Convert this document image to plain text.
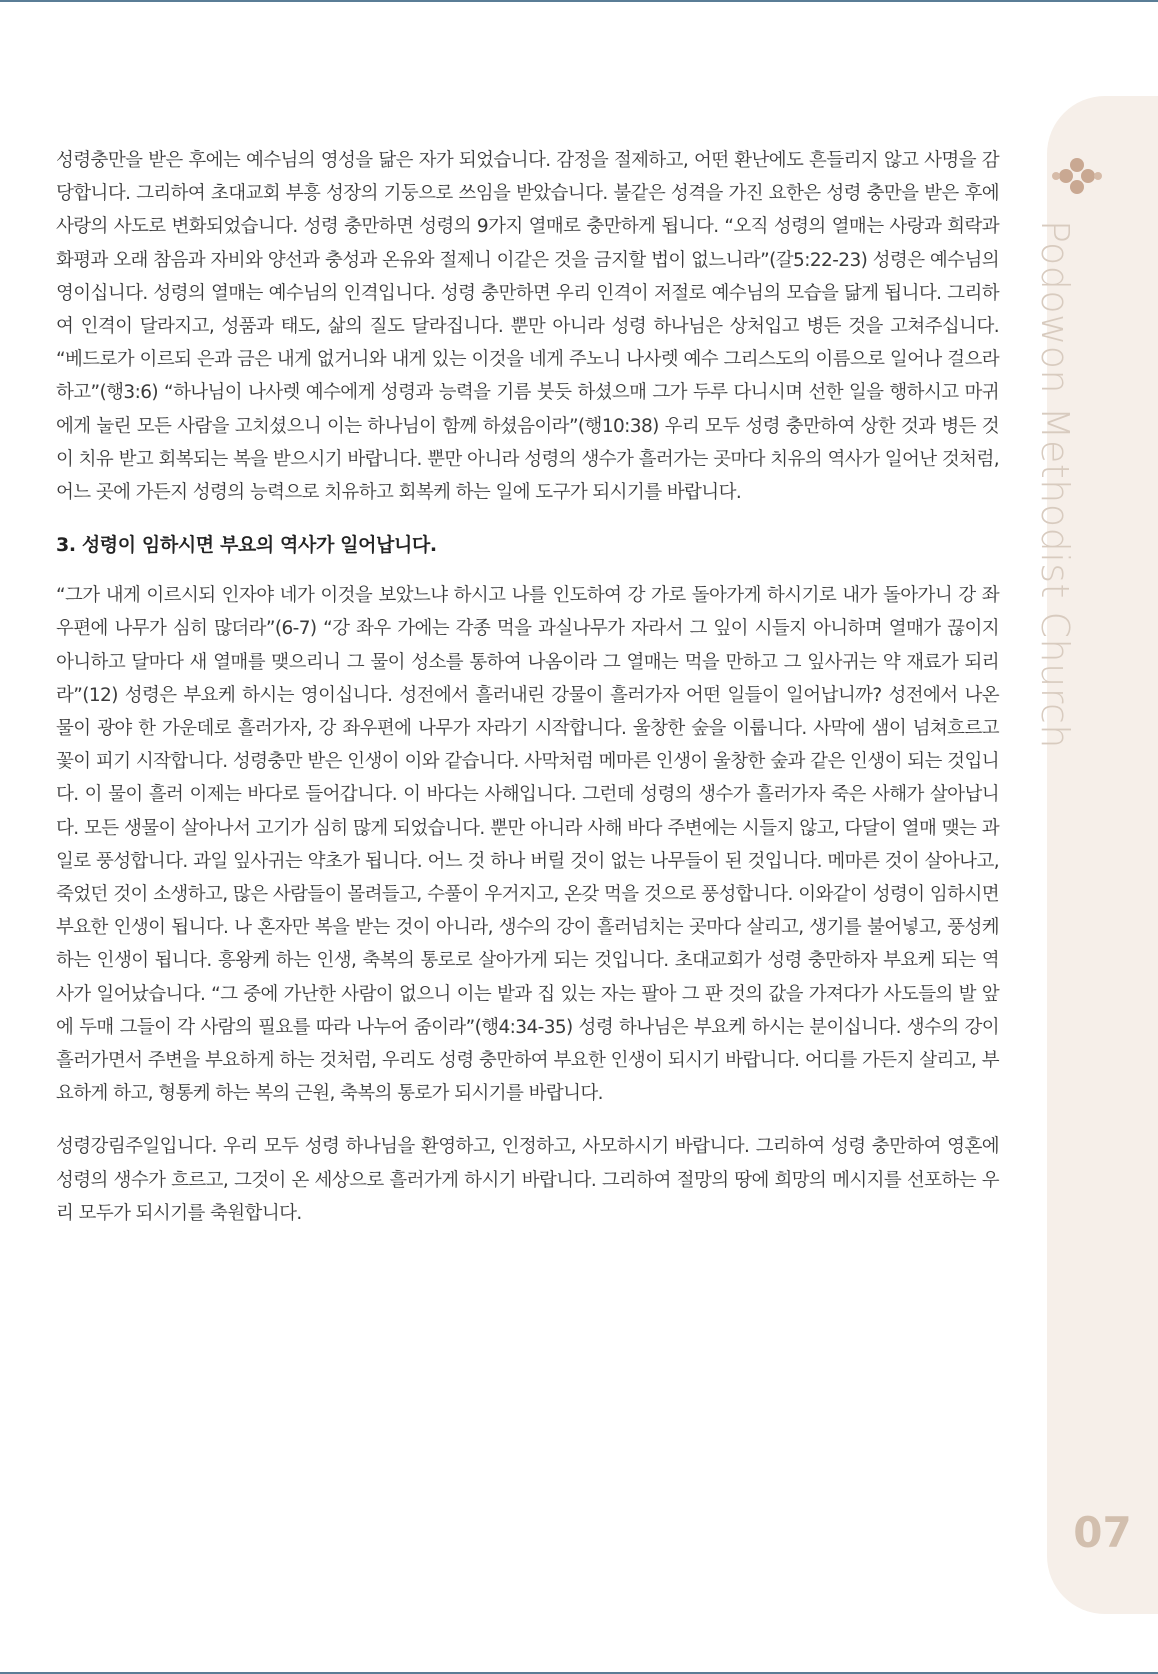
Podowon Methodist Church
07

성령충만을 받은 후에는 예수님의 영성을 닮은 자가 되었습니다. 감정을 절제하고, 어떤 환난에도 흔들리지 않고 사명을 감당합니다. 그리하여 초대교회 부흥 성장의 기둥으로 쓰임을 받았습니다. 불같은 성격을 가진 요한은 성령 충만을 받은 후에 사랑의 사도로 변화되었습니다. 성령 충만하면 성령의 9가지 열매로 충만하게 됩니다. “오직 성령의 열매는 사랑과 희락과 화평과 오래 참음과 자비와 양선과 충성과 온유와 절제니 이같은 것을 금지할 법이 없느니라”(갈5:22-23) 성령은 예수님의 영이십니다. 성령의 열매는 예수님의 인격입니다. 성령 충만하면 우리 인격이 저절로 예수님의 모습을 닮게 됩니다. 그리하여 인격이 달라지고, 성품과 태도, 삶의 질도 달라집니다. 뿐만 아니라 성령 하나님은 상처입고 병든 것을 고쳐주십니다. “베드로가 이르되 은과 금은 내게 없거니와 내게 있는 이것을 네게 주노니 나사렛 예수 그리스도의 이름으로 일어나 걸으라 하고”(행3:6) “하나님이 나사렛 예수에게 성령과 능력을 기름 붓듯 하셨으매 그가 두루 다니시며 선한 일을 행하시고 마귀에게 눌린 모든 사람을 고치셨으니 이는 하나님이 함께 하셨음이라”(행10:38) 우리 모두 성령 충만하여 상한 것과 병든 것이 치유 받고 회복되는 복을 받으시기 바랍니다. 뿐만 아니라 성령의 생수가 흘러가는 곳마다 치유의 역사가 일어난 것처럼, 어느 곳에 가든지 성령의 능력으로 치유하고 회복케 하는 일에 도구가 되시기를 바랍니다.

3. 성령이 임하시면 부요의 역사가 일어납니다.

“그가 내게 이르시되 인자야 네가 이것을 보았느냐 하시고 나를 인도하여 강 가로 돌아가게 하시기로 내가 돌아가니 강 좌우편에 나무가 심히 많더라”(6-7) “강 좌우 가에는 각종 먹을 과실나무가 자라서 그 잎이 시들지 아니하며 열매가 끊이지 아니하고 달마다 새 열매를 맺으리니 그 물이 성소를 통하여 나옴이라 그 열매는 먹을 만하고 그 잎사귀는 약 재료가 되리라”(12) 성령은 부요케 하시는 영이십니다. 성전에서 흘러내린 강물이 흘러가자 어떤 일들이 일어납니까? 성전에서 나온 물이 광야 한 가운데로 흘러가자, 강 좌우편에 나무가 자라기 시작합니다. 울창한 숲을 이룹니다. 사막에 샘이 넘쳐흐르고 꽃이 피기 시작합니다. 성령충만 받은 인생이 이와 같습니다. 사막처럼 메마른 인생이 울창한 숲과 같은 인생이 되는 것입니다. 이 물이 흘러 이제는 바다로 들어갑니다. 이 바다는 사해입니다. 그런데 성령의 생수가 흘러가자 죽은 사해가 살아납니다. 모든 생물이 살아나서 고기가 심히 많게 되었습니다. 뿐만 아니라 사해 바다 주변에는 시들지 않고, 다달이 열매 맺는 과일로 풍성합니다. 과일 잎사귀는 약초가 됩니다. 어느 것 하나 버릴 것이 없는 나무들이 된 것입니다. 메마른 것이 살아나고, 죽었던 것이 소생하고, 많은 사람들이 몰려들고, 수풀이 우거지고, 온갖 먹을 것으로 풍성합니다. 이와같이 성령이 임하시면 부요한 인생이 됩니다. 나 혼자만 복을 받는 것이 아니라, 생수의 강이 흘러넘치는 곳마다 살리고, 생기를 불어넣고, 풍성케 하는 인생이 됩니다. 흥왕케 하는 인생, 축복의 통로로 살아가게 되는 것입니다. 초대교회가 성령 충만하자 부요케 되는 역사가 일어났습니다. “그 중에 가난한 사람이 없으니 이는 밭과 집 있는 자는 팔아 그 판 것의 값을 가져다가 사도들의 발 앞에 두매 그들이 각 사람의 필요를 따라 나누어 줌이라”(행4:34-35) 성령 하나님은 부요케 하시는 분이십니다. 생수의 강이 흘러가면서 주변을 부요하게 하는 것처럼, 우리도 성령 충만하여 부요한 인생이 되시기 바랍니다. 어디를 가든지 살리고, 부요하게 하고, 형통케 하는 복의 근원, 축복의 통로가 되시기를 바랍니다.

성령강림주일입니다. 우리 모두 성령 하나님을 환영하고, 인정하고, 사모하시기 바랍니다. 그리하여 성령 충만하여 영혼에 성령의 생수가 흐르고, 그것이 온 세상으로 흘러가게 하시기 바랍니다. 그리하여 절망의 땅에 희망의 메시지를 선포하는 우리 모두가 되시기를 축원합니다.
